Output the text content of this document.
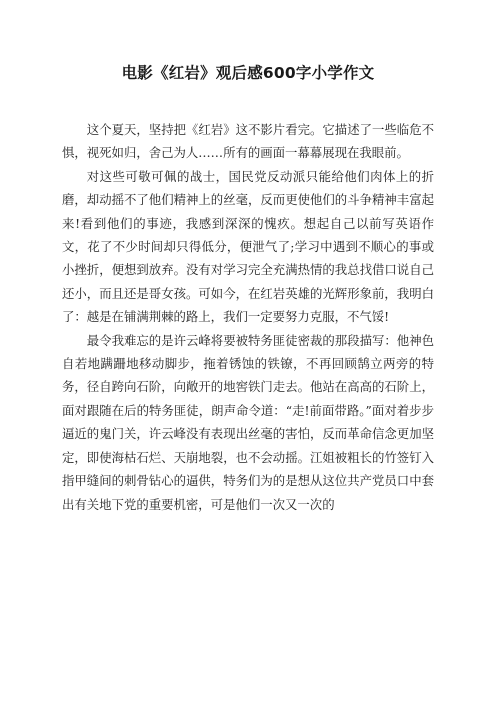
电影《红岩》观后感600字小学作文

这个夏天，坚持把《红岩》这不影片看完。它描述了一些临危不惧，视死如归，舍己为人……所有的画面一幕幕展现在我眼前。

对这些可敬可佩的战士，国民党反动派只能给他们肉体上的折磨，却动摇不了他们精神上的丝毫，反而更使他们的斗争精神丰富起来!看到他们的事迹，我感到深深的愧疚。想起自己以前写英语作文，花了不少时间却只得低分，便泄气了;学习中遇到不顺心的事或小挫折，便想到放弃。没有对学习完全充满热情的我总找借口说自己还小，而且还是哥女孩。可如今，在红岩英雄的光辉形象前，我明白了：越是在铺满荆棘的路上，我们一定要努力克服，不气馁!

最令我难忘的是许云峰将要被特务匪徒密裁的那段描写：他神色自若地蹒跚地移动脚步，拖着锈蚀的铁镣，不再回顾鹄立两旁的特务，径自跨向石阶，向敞开的地窖铁门走去。他站在高高的石阶上，面对跟随在后的特务匪徒，朗声命令道：“走!前面带路。”面对着步步逼近的鬼门关，许云峰没有表现出丝毫的害怕，反而革命信念更加坚定，即使海枯石烂、天崩地裂，也不会动摇。江姐被粗长的竹签钉入指甲缝间的刺骨钻心的逼供，特务们为的是想从这位共产党员口中套出有关地下党的重要机密，可是他们一次又一次的
